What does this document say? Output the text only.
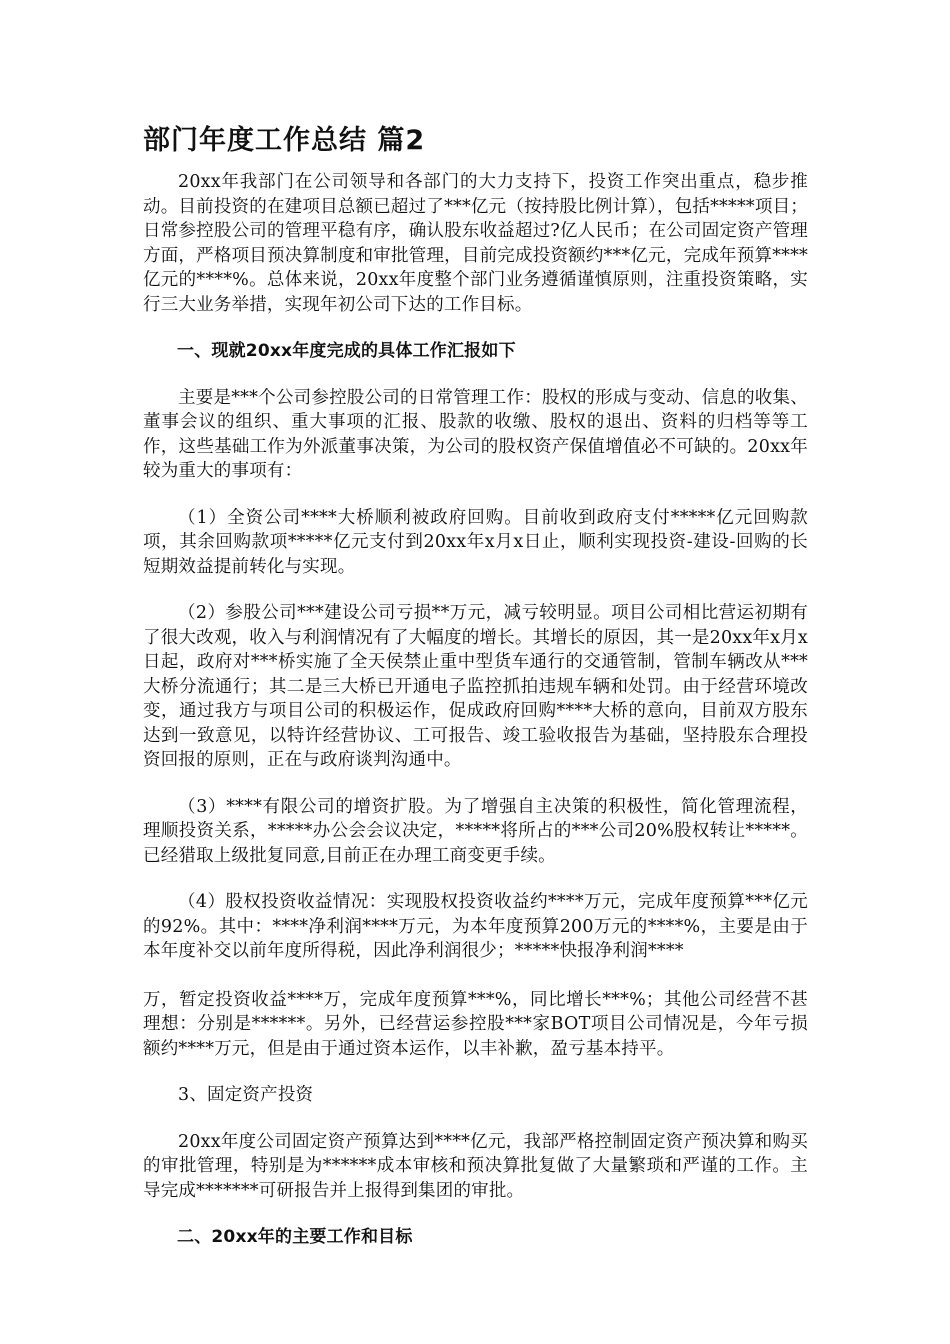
部门年度工作总结 篇2

20xx年我部门在公司领导和各部门的大力支持下，投资工作突出重点，稳步推动。目前投资的在建项目总额已超过了***亿元（按持股比例计算），包括*****项目；日常参控股公司的管理平稳有序，确认股东收益超过?亿人民币；在公司固定资产管理方面，严格项目预决算制度和审批管理，目前完成投资额约***亿元，完成年预算****亿元的****%。总体来说，20xx年度整个部门业务遵循谨慎原则，注重投资策略，实行三大业务举措，实现年初公司下达的工作目标。

一、现就20xx年度完成的具体工作汇报如下

主要是***个公司参控股公司的日常管理工作：股权的形成与变动、信息的收集、董事会议的组织、重大事项的汇报、股款的收缴、股权的退出、资料的归档等等工作，这些基础工作为外派董事决策，为公司的股权资产保值增值必不可缺的。20xx年较为重大的事项有：

（1）全资公司****大桥顺利被政府回购。目前收到政府支付*****亿元回购款项，其余回购款项*****亿元支付到20xx年x月x日止，顺利实现投资-建设-回购的长短期效益提前转化与实现。

（2）参股公司***建设公司亏损**万元，减亏较明显。项目公司相比营运初期有了很大改观，收入与利润情况有了大幅度的增长。其增长的原因，其一是20xx年x月x日起，政府对***桥实施了全天侯禁止重中型货车通行的交通管制，管制车辆改从***大桥分流通行；其二是三大桥已开通电子监控抓拍违规车辆和处罚。由于经营环境改变，通过我方与项目公司的积极运作，促成政府回购****大桥的意向，目前双方股东达到一致意见，以特许经营协议、工可报告、竣工验收报告为基础，坚持股东合理投资回报的原则，正在与政府谈判沟通中。

（3）****有限公司的增资扩股。为了增强自主决策的积极性，简化管理流程，理顺投资关系，*****办公会会议决定，*****将所占的***公司20%股权转让*****。已经猎取上级批复同意,目前正在办理工商变更手续。

（4）股权投资收益情况：实现股权投资收益约****万元，完成年度预算***亿元的92%。其中：****净利润****万元，为本年度预算200万元的****%，主要是由于本年度补交以前年度所得税，因此净利润很少；*****快报净利润****

万，暂定投资收益****万，完成年度预算***%，同比增长***%；其他公司经营不甚理想：分别是******。另外，已经营运参控股***家BOT项目公司情况是，今年亏损额约****万元，但是由于通过资本运作，以丰补歉，盈亏基本持平。

3、固定资产投资

20xx年度公司固定资产预算达到****亿元，我部严格控制固定资产预决算和购买的审批管理，特别是为******成本审核和预决算批复做了大量繁琐和严谨的工作。主导完成*******可研报告并上报得到集团的审批。

二、20xx年的主要工作和目标
